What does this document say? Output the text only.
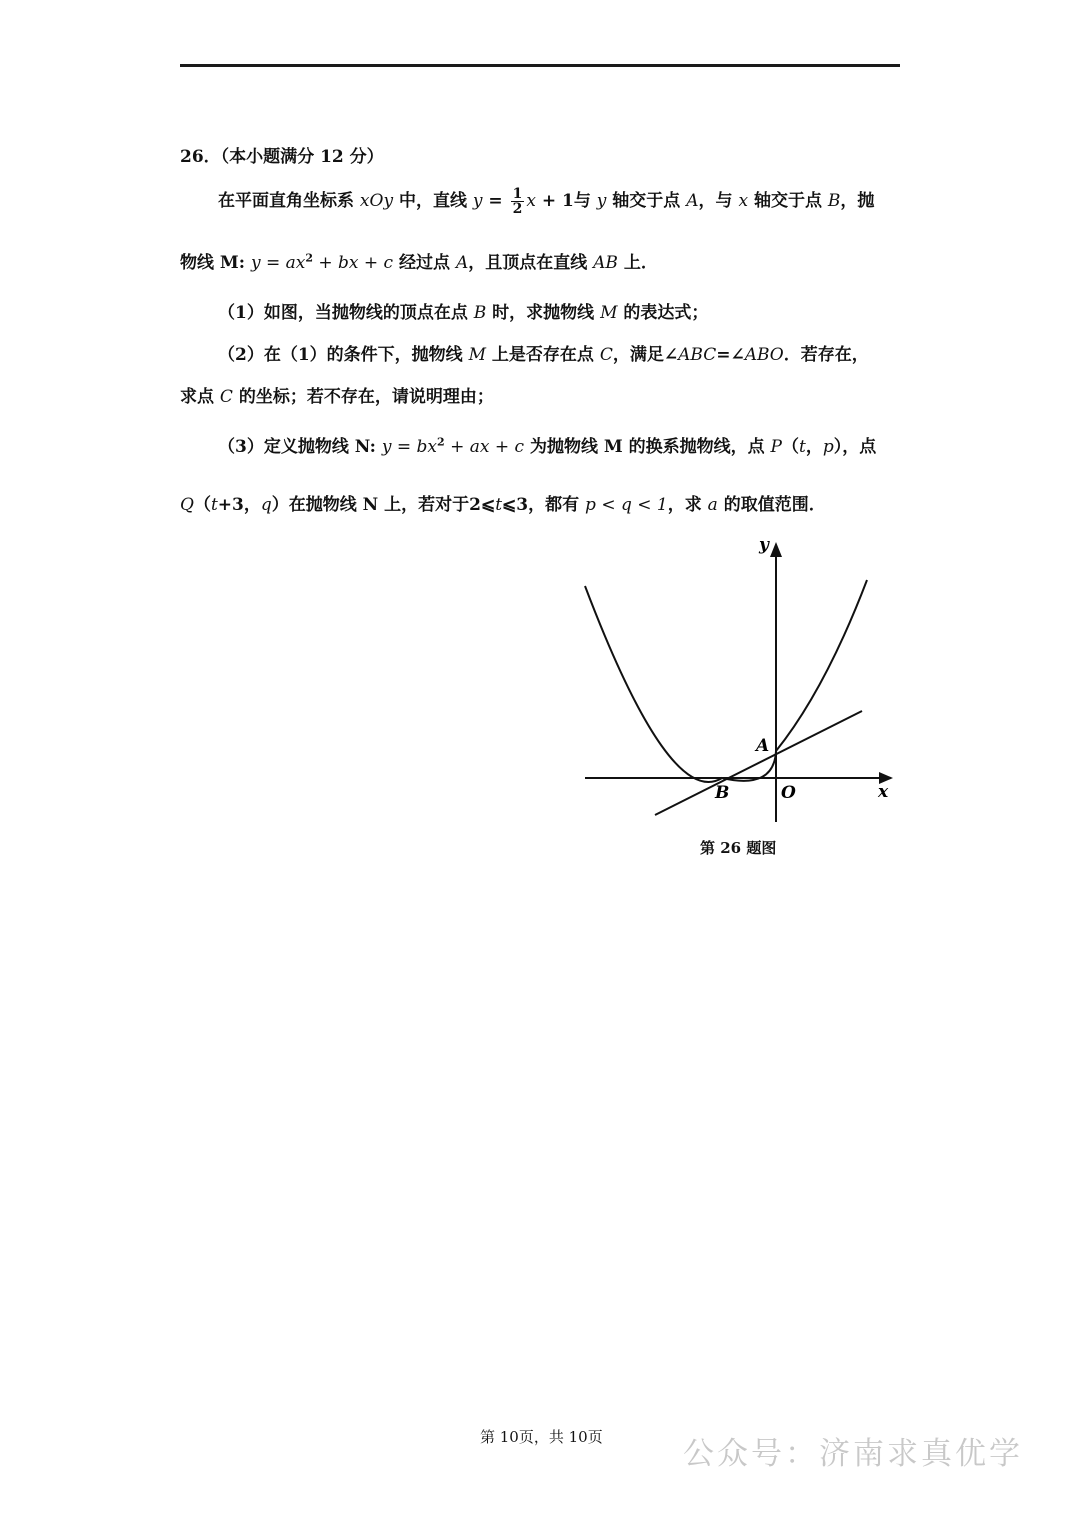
26．（本小题满分 12 分）
在平面直角坐标系 xOy 中，直线 $y = \frac{1}{2}$ x + 1与 y 轴交于点 A，与 x 轴交于点 B，抛
物线 M: $y = ax^2$ + bx + c 经过点 A，且顶点在直线 AB 上．
（1）如图，当抛物线的顶点在点 B 时，求抛物线 M 的表达式；
（2）在（1）的条件下，抛物线 M 上是否存在点 C，满足∠ABC=∠ABO．若存在，
求点 C 的坐标；若不存在，请说明理由；
（3）定义抛物线 N: $y = bx^2$ + ax + c 为抛物线 M 的换系抛物线，点 P（t，p），点
Q（t+3，q）在抛物线 N 上，若对于2⩽t⩽3，都有 p < q < 1，求 a 的取值范围．
y
x
A
B	O
第 26 题图
第 10页，共 10页	公众号：济南求真优学
